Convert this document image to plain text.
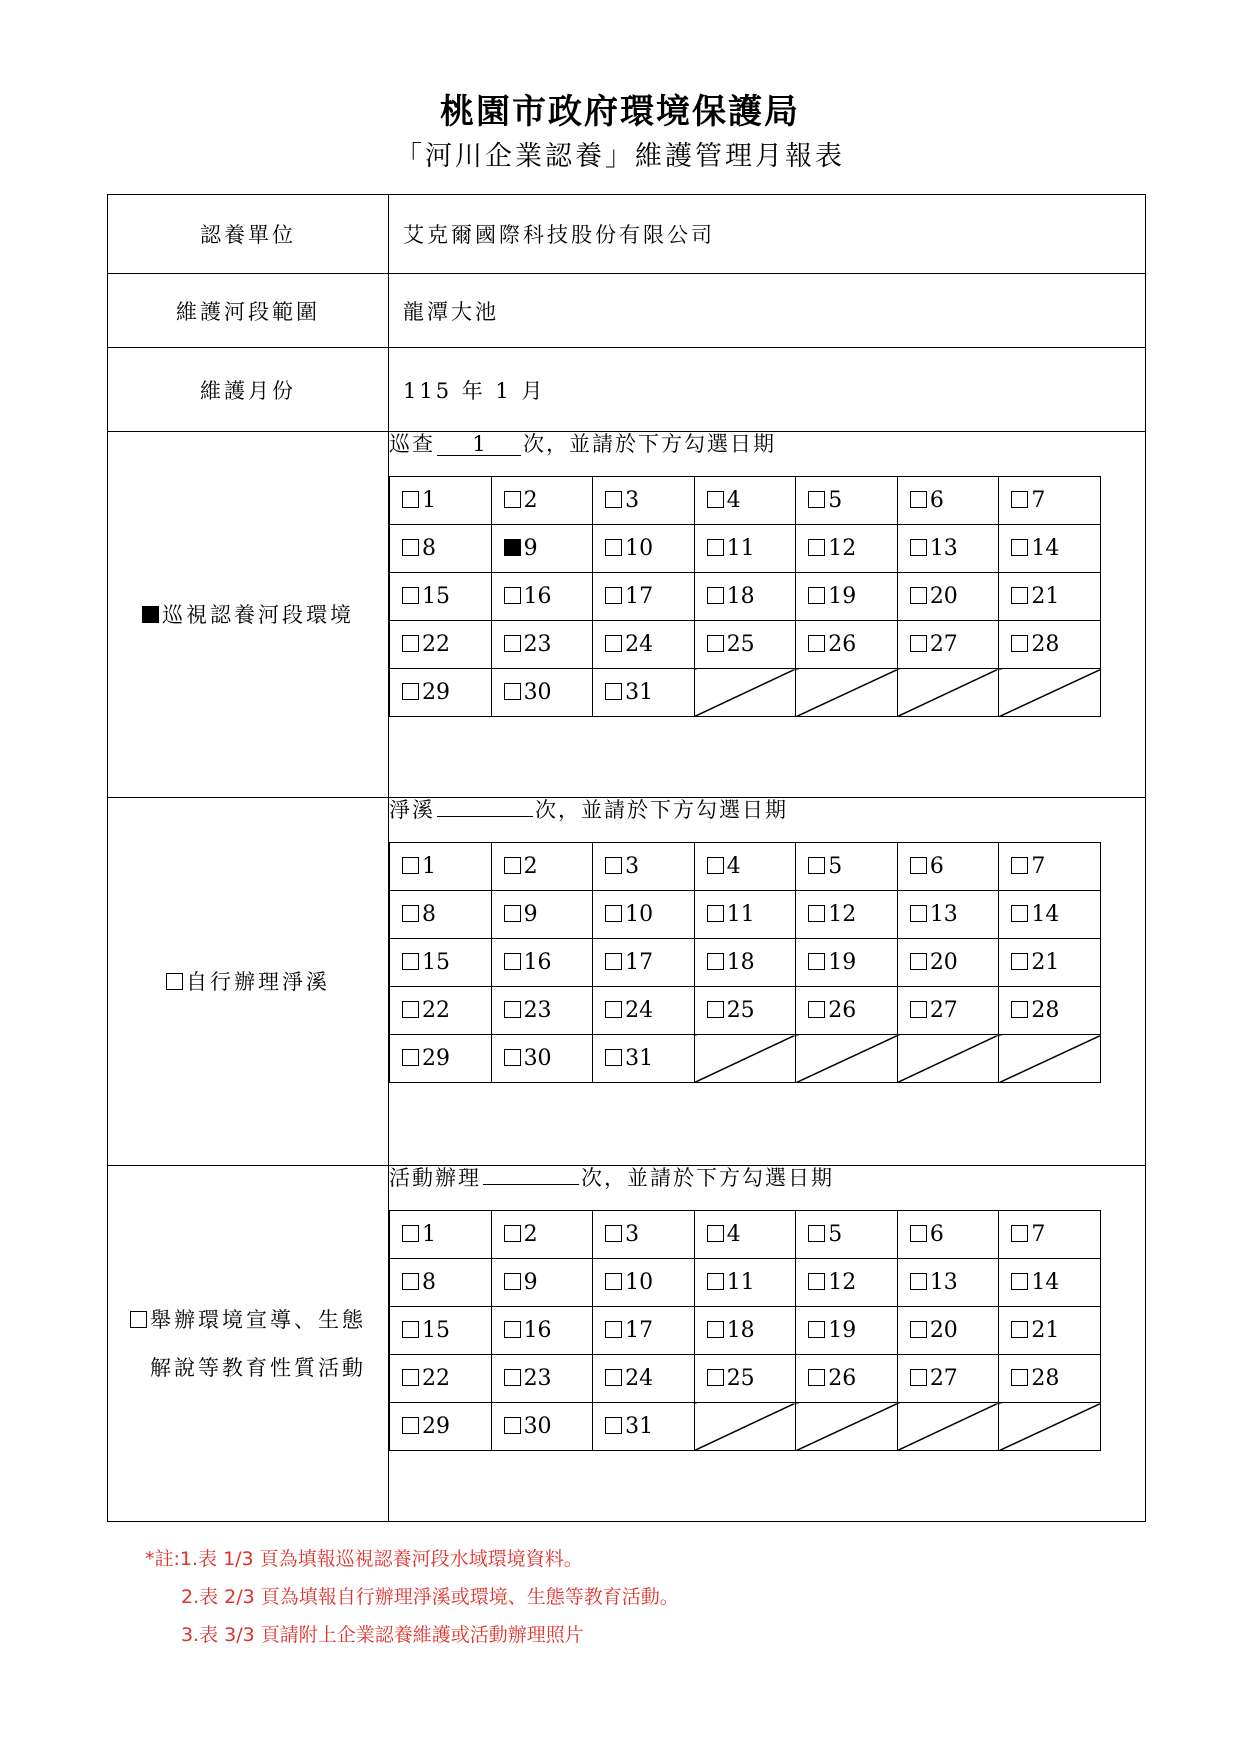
桃園市政府環境保護局
「河川企業認養」維護管理月報表
認養單位	艾克爾國際科技股份有限公司
維護河段範圍	龍潭大池
維護月份	115 年 1 月

巡視認養河段環境

巡查 1 次，並請於下方勾選日期
1	2	3	4	5	6	7
8	9	10	11	12	13	14
15	16	17	18	19	20	21
22	23	24	25	26	27	28
29	30	31				

自行辦理淨溪

淨溪	次，並請於下方勾選日期
1	2	3	4	5	6	7
8	9	10	11	12	13	14
15	16	17	18	19	20	21
22	23	24	25	26	27	28
29	30	31				

舉辦環境宣導、生態
解說等教育性質活動

活動辦理	次，並請於下方勾選日期
1	2	3	4	5	6	7
8	9	10	11	12	13	14
15	16	17	18	19	20	21
22	23	24	25	26	27	28
29	30	31				
*註:1.表 1/3 頁為填報巡視認養河段水域環境資料。
2.表 2/3 頁為填報自行辦理淨溪或環境、生態等教育活動。
3.表 3/3 頁請附上企業認養維護或活動辦理照片
